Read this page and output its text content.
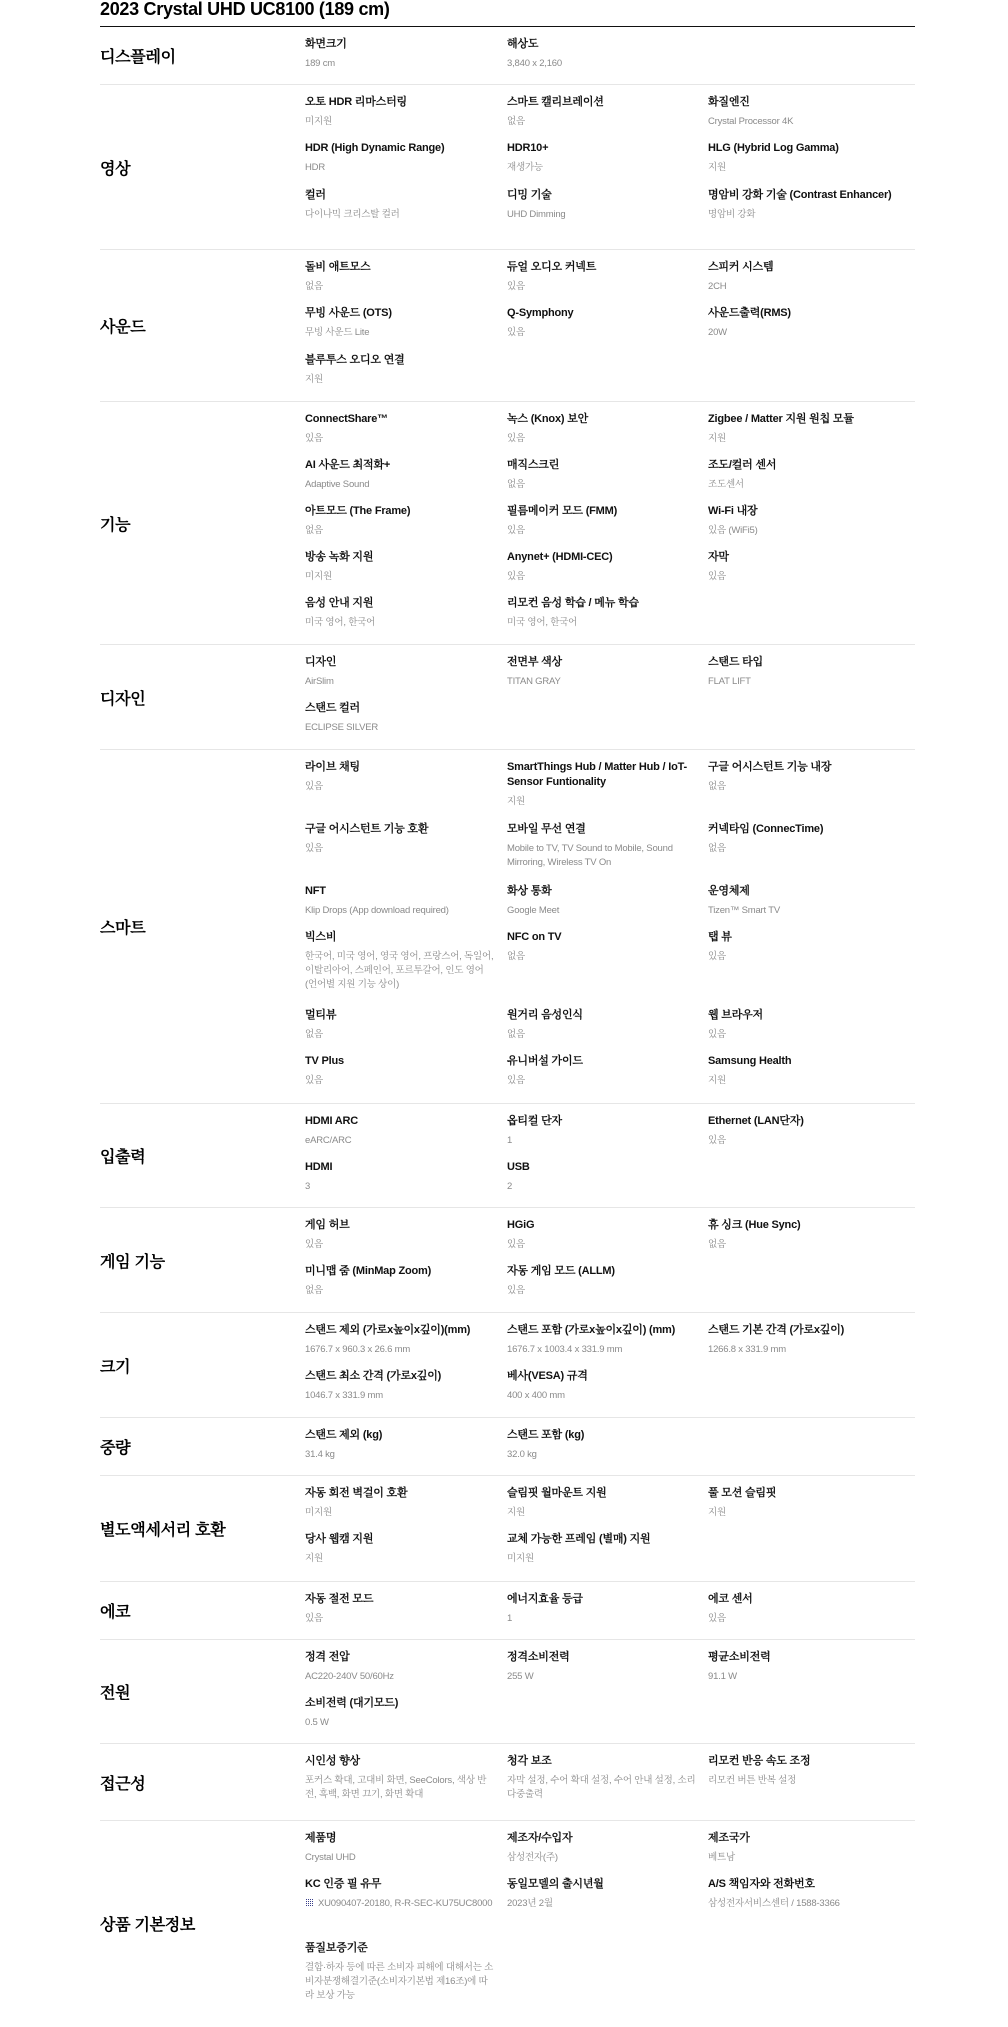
2023 Crystal UHD UC8100 (189 cm)
디스플레이
화면크기
189 cm
해상도
3,840 x 2,160
영상
오토 HDR 리마스터링
미지원
스마트 캘리브레이션
없음
화질엔진
Crystal Processor 4K
HDR (High Dynamic Range)
HDR
HDR10+
재생가능
HLG (Hybrid Log Gamma)
지원
컬러
다이나믹 크리스탈 컬러
디밍 기술
UHD Dimming
명암비 강화 기술 (Contrast Enhancer)
명암비 강화
사운드
돌비 애트모스
없음
듀얼 오디오 커넥트
있음
스피커 시스템
2CH
무빙 사운드 (OTS)
무빙 사운드 Lite
Q-Symphony
있음
사운드출력(RMS)
20W
블루투스 오디오 연결
지원
기능
ConnectShare™
있음
녹스 (Knox) 보안
있음
Zigbee / Matter 지원 원칩 모듈
지원
AI 사운드 최적화+
Adaptive Sound
매직스크린
없음
조도/컬러 센서
조도센서
아트모드 (The Frame)
없음
필름메이커 모드 (FMM)
있음
Wi-Fi 내장
있음 (WiFi5)
방송 녹화 지원
미지원
Anynet+ (HDMI-CEC)
있음
자막
있음
음성 안내 지원
미국 영어, 한국어
리모컨 음성 학습 / 메뉴 학습
미국 영어, 한국어
디자인
디자인
AirSlim
전면부 색상
TITAN GRAY
스탠드 타입
FLAT LIFT
스탠드 컬러
ECLIPSE SILVER
스마트
라이브 채팅
있음
SmartThings Hub / Matter Hub / IoT-Sensor Funtionality
지원
구글 어시스턴트 기능 내장
없음
구글 어시스턴트 기능 호환
있음
모바일 무선 연결
Mobile to TV, TV Sound to Mobile, Sound Mirroring, Wireless TV On
커넥타임 (ConnecTime)
없음
NFT
Klip Drops (App download required)
화상 통화
Google Meet
운영체제
Tizen™ Smart TV
빅스비
한국어, 미국 영어, 영국 영어, 프랑스어, 독일어, 이탈리아어, 스페인어, 포르투갈어, 인도 영어 (언어별 지원 기능 상이)
NFC on TV
없음
탭 뷰
있음
멀티뷰
없음
원거리 음성인식
없음
웹 브라우저
있음
TV Plus
있음
유니버설 가이드
있음
Samsung Health
지원
입출력
HDMI ARC
eARC/ARC
옵티컬 단자
1
Ethernet (LAN단자)
있음
HDMI
3
USB
2
게임 기능
게임 허브
있음
HGiG
있음
휴 싱크 (Hue Sync)
없음
미니맵 줌 (MinMap Zoom)
없음
자동 게임 모드 (ALLM)
있음
크기
스탠드 제외 (가로x높이x깊이)(mm)
1676.7 x 960.3 x 26.6 mm
스탠드 포함 (가로x높이x깊이) (mm)
1676.7 x 1003.4 x 331.9 mm
스탠드 기본 간격 (가로x깊이)
1266.8 x 331.9 mm
스탠드 최소 간격 (가로x깊이)
1046.7 x 331.9 mm
베사(VESA) 규격
400 x 400 mm
중량
스탠드 제외 (kg)
31.4 kg
스탠드 포함 (kg)
32.0 kg
별도액세서리 호환
자동 회전 벽걸이 호환
미지원
슬림핏 월마운트 지원
지원
풀 모션 슬림핏
지원
당사 웹캠 지원
지원
교체 가능한 프레임 (별매) 지원
미지원
에코
자동 절전 모드
있음
에너지효율 등급
1
에코 센서
있음
전원
정격 전압
AC220-240V 50/60Hz
정격소비전력
255 W
평균소비전력
91.1 W
소비전력 (대기모드)
0.5 W
접근성
시인성 향상
포커스 확대, 고대비 화면, SeeColors, 색상 반전, 흑백, 화면 끄기, 화면 확대
청각 보조
자막 설정, 수어 확대 설정, 수어 안내 설정, 소리 다중출력
리모컨 반응 속도 조정
리모컨 버튼 반복 설정
상품 기본정보
제품명
Crystal UHD
제조자/수입자
삼성전자(주)
제조국가
베트남
KC 인증 필 유무
XU090407-20180, R-R-SEC-KU75UC8000
동일모델의 출시년월
2023년 2월
A/S 책임자와 전화번호
삼성전자서비스센터 / 1588-3366
품질보증기준
결함·하자 등에 따른 소비자 피해에 대해서는 소비자분쟁해결기준(소비자기본법 제16조)에 따라 보상 가능
